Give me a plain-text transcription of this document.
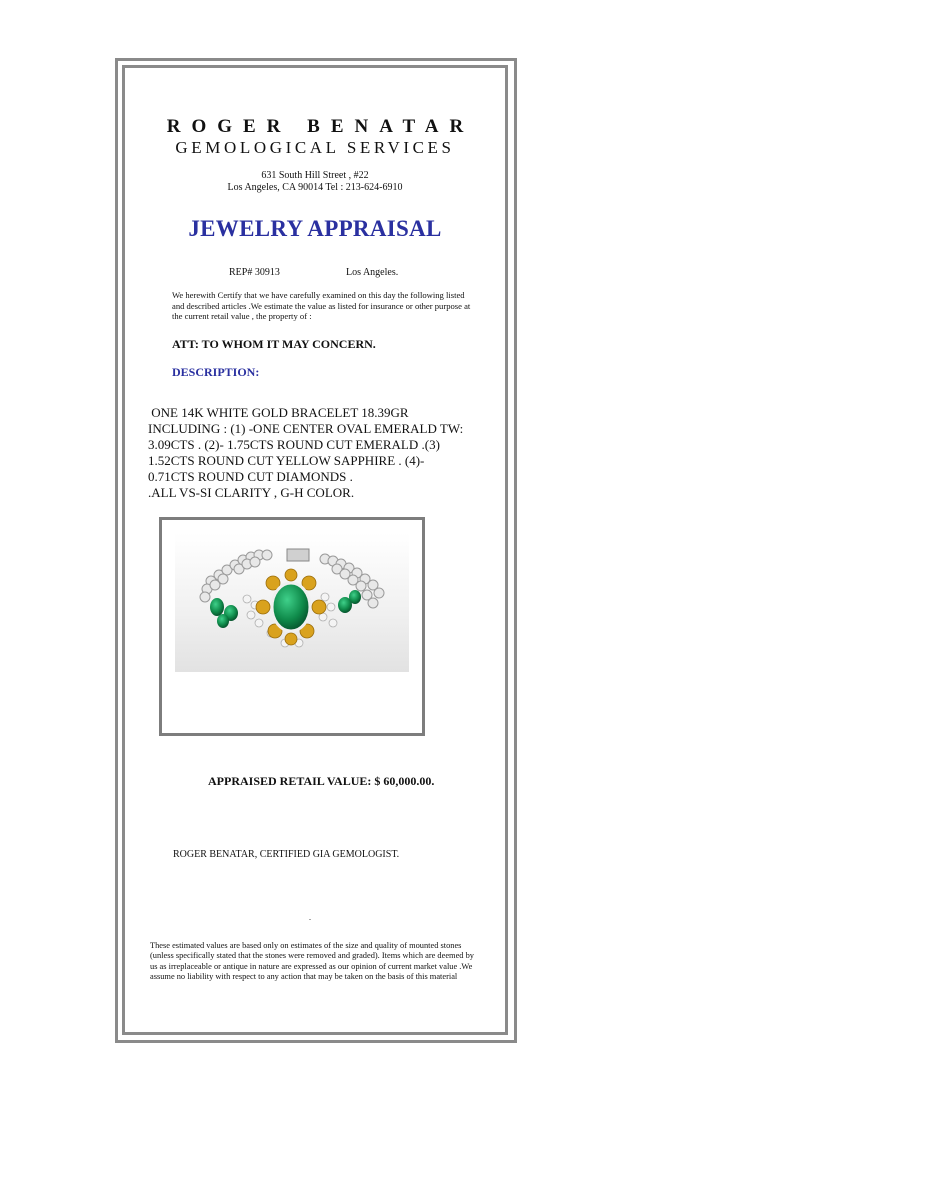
ROGER BENATAR
GEMOLOGICAL SERVICES
631 South Hill Street , #22
Los Angeles, CA 90014 Tel : 213-624-6910
JEWELRY APPRAISAL
REP# 30913	Los Angeles.
We herewith Certify that we have carefully examined on this day the following listed and described articles .We estimate the value as listed for insurance or other purpose at the current retail value , the property of :
ATT: TO WHOM IT MAY CONCERN.
DESCRIPTION:
ONE 14K WHITE GOLD BRACELET 18.39GR
INCLUDING : (1) -ONE CENTER OVAL EMERALD TW:
3.09CTS . (2)- 1.75CTS ROUND CUT EMERALD .(3)
1.52CTS ROUND CUT YELLOW SAPPHIRE . (4)-
0.71CTS ROUND CUT DIAMONDS .
.ALL VS-SI CLARITY , G-H COLOR.
APPRAISED RETAIL VALUE: $ 60,000.00.
ROGER BENATAR, CERTIFIED GIA GEMOLOGIST.
.
These estimated values are based only on estimates of the size and quality of mounted stones (unless specifically stated that the stones were removed and graded). Items which are deemed by us as irreplaceable or antique in nature are expressed as our opinion of current market value .We assume no liability with respect to any action that may be taken on the basis of this material
